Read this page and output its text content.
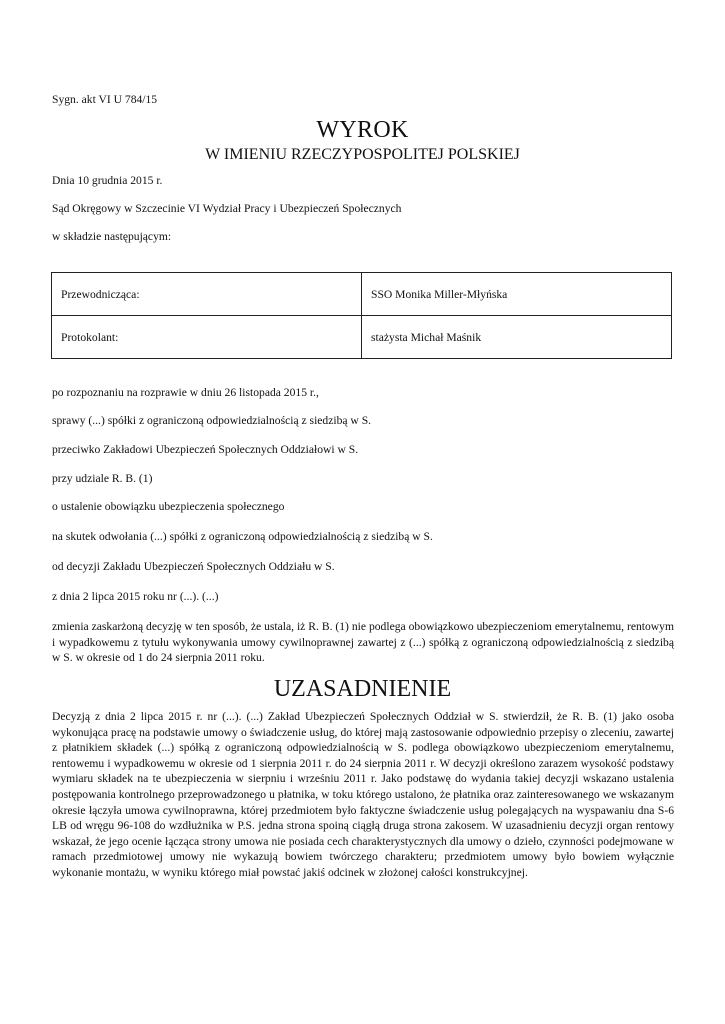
Sygn. akt VI U 784/15
WYROK
W IMIENIU RZECZYPOSPOLITEJ POLSKIEJ
Dnia 10 grudnia 2015 r.
Sąd Okręgowy w Szczecinie VI Wydział Pracy i Ubezpieczeń Społecznych
w składzie następującym:
Przewodnicząca:	SSO Monika Miller-Młyńska
Protokolant:	stażysta Michał Maśnik
po rozpoznaniu na rozprawie w dniu 26 listopada 2015 r.,
sprawy (...) spółki z ograniczoną odpowiedzialnością z siedzibą w S.
przeciwko Zakładowi Ubezpieczeń Społecznych Oddziałowi w S.
przy udziale R. B. (1)
o ustalenie obowiązku ubezpieczenia społecznego
na skutek odwołania (...) spółki z ograniczoną odpowiedzialnością z siedzibą w S.
od decyzji Zakładu Ubezpieczeń Społecznych Oddziału w S.
z dnia 2 lipca 2015 roku nr (...). (...)
zmienia zaskarżoną decyzję w ten sposób, że ustala, iż R. B. (1) nie podlega obowiązkowo ubezpieczeniom emerytalnemu, rentowym i wypadkowemu z tytułu wykonywania umowy cywilnoprawnej zawartej z (...) spółką z ograniczoną odpowiedzialnością z siedzibą w S. w okresie od 1 do 24 sierpnia 2011 roku.
UZASADNIENIE
Decyzją z dnia 2 lipca 2015 r. nr (...). (...) Zakład Ubezpieczeń Społecznych Oddział w S. stwierdził, że R. B. (1) jako osoba wykonująca pracę na podstawie umowy o świadczenie usług, do której mają zastosowanie odpowiednio przepisy o zleceniu, zawartej z płatnikiem składek (...) spółką z ograniczoną odpowiedzialnością w S. podlega obowiązkowo ubezpieczeniom emerytalnemu, rentowemu i wypadkowemu w okresie od 1 sierpnia 2011 r. do 24 sierpnia 2011 r. W decyzji określono zarazem wysokość podstawy wymiaru składek na te ubezpieczenia w sierpniu i wrześniu 2011 r. Jako podstawę do wydania takiej decyzji wskazano ustalenia postępowania kontrolnego przeprowadzonego u płatnika, w toku którego ustalono, że płatnika oraz zainteresowanego we wskazanym okresie łączyła umowa cywilnoprawna, której przedmiotem było faktyczne świadczenie usług polegających na wyspawaniu dna S-6 LB od wręgu 96-108 do wzdłużnika w P.S. jedna strona spoiną ciągłą druga strona zakosem. W uzasadnieniu decyzji organ rentowy wskazał, że jego ocenie łącząca strony umowa nie posiada cech charakterystycznych dla umowy o dzieło, czynności podejmowane w ramach przedmiotowej umowy nie wykazują bowiem twórczego charakteru; przedmiotem umowy było bowiem wyłącznie wykonanie montażu, w wyniku którego miał powstać jakiś odcinek w złożonej całości konstrukcyjnej.
